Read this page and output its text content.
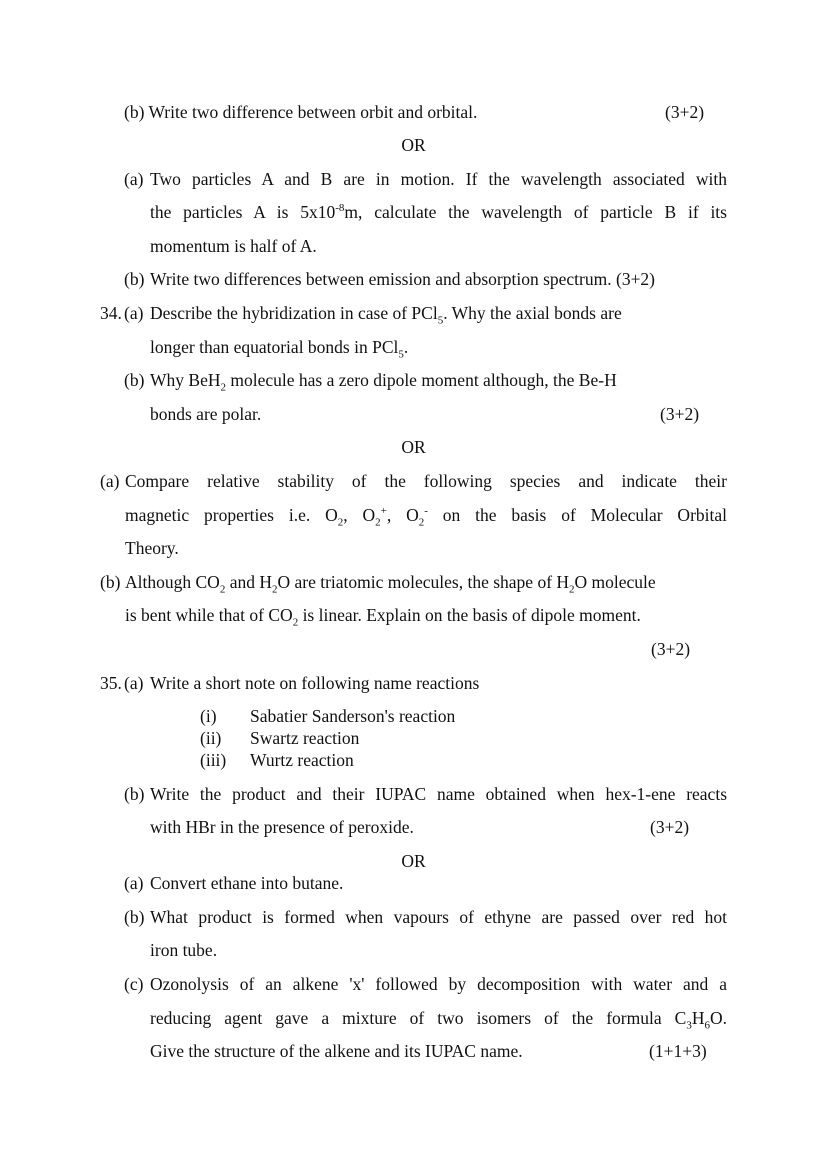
(b) Write two difference between orbit and orbital.	(3+2)
OR
(a) Two particles A and B are in motion. If the wavelength associated with
the particles A is $5x10^{-8}m$, calculate the wavelength of particle B if its
momentum is half of A.
(b) Write two differences between emission and absorption spectrum. (3+2)
34. (a) Describe the hybridization in case of PCl$_5$. Why the axial bonds are
longer than equatorial bonds in PCl$_5$.
(b) Why BeH$_2$ molecule has a zero dipole moment although, the Be-H
bonds are polar.	(3+2)
OR
(a) Compare relative stability of the following species and indicate their
magnetic properties i.e. $O_2$, $O_2^+$, $O_2^-$ on the basis of Molecular Orbital
Theory.
(b) Although $CO_2$ and $H_2O$ are triatomic molecules, the shape of $H_2O$ molecule
is bent while that of $CO_2$ is linear. Explain on the basis of dipole moment.
(3+2)
35. (a) Write a short note on following name reactions
(i) Sabatier Sanderson's reaction
(ii) Swartz reaction
(iii) Wurtz reaction
(b) Write the product and their IUPAC name obtained when hex-1-ene reacts
with HBr in the presence of peroxide.	(3+2)
OR
(a) Convert ethane into butane.
(b) What product is formed when vapours of ethyne are passed over red hot
iron tube.
(c) Ozonolysis of an alkene 'x' followed by decomposition with water and a
reducing agent gave a mixture of two isomers of the formula $C_3H_6O$.
Give the structure of the alkene and its IUPAC name.	(1+1+3)
